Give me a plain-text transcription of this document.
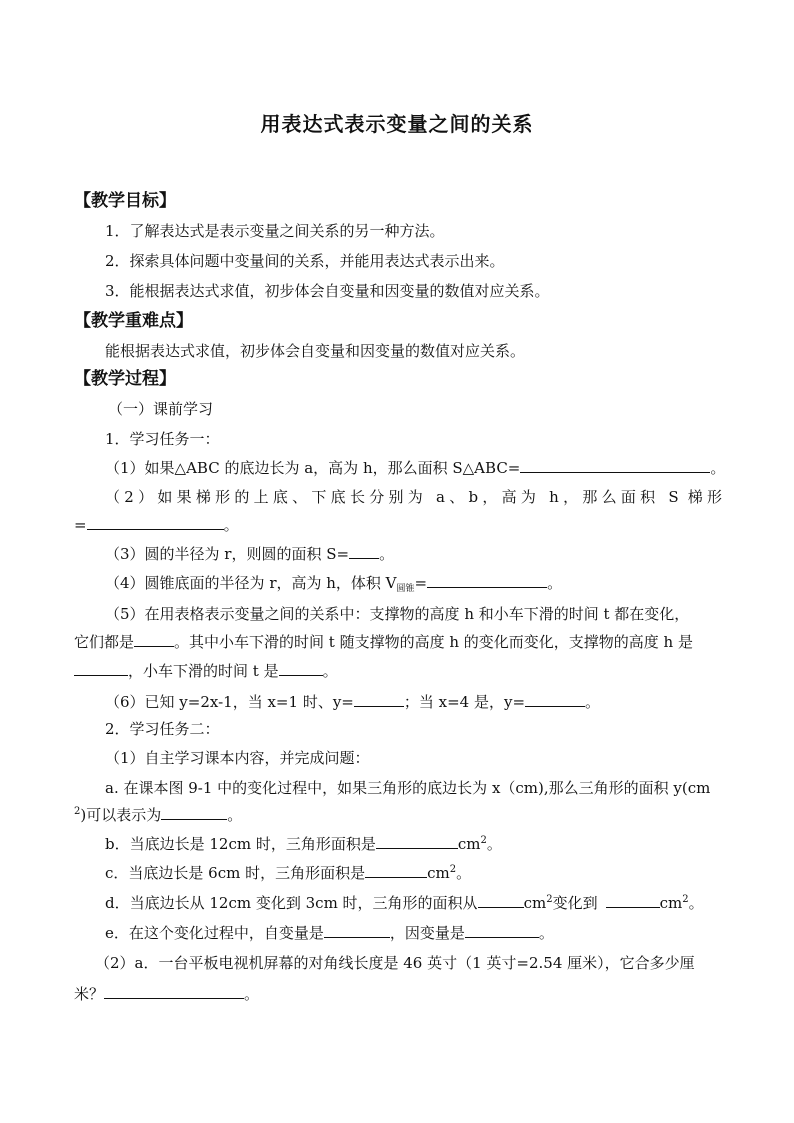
用表达式表示变量之间的关系
【教学目标】
1．了解表达式是表示变量之间关系的另一种方法。
2．探索具体问题中变量间的关系，并能用表达式表示出来。
3．能根据表达式求值，初步体会自变量和因变量的数值对应关系。
【教学重难点】
能根据表达式求值，初步体会自变量和因变量的数值对应关系。
【教学过程】
（一）课前学习
1．学习任务一：
（1）如果△ABC 的底边长为 a，高为 h，那么面积 S△ABC=	。
（2）如果梯形的上底、下底长分别为 a、b，高为 h，那么面积 S 梯形
=	。
（3）圆的半径为 r，则圆的面积 S= 。
（4）圆锥底面的半径为 r，高为 h，体积 $V_{圆锥}=$	。
（5）在用表格表示变量之间的关系中：支撑物的高度 h 和小车下滑的时间 t 都在变化，
它们都是	。其中小车下滑的时间 t 随支撑物的高度 h 的变化而变化，支撑物的高度 h 是
，小车下滑的时间 t 是	。
（6）已知 y=2x-1，当 x=1 时、y=	；当 x=4 是，y=	。
2．学习任务二：
（1）自主学习课本内容，并完成问题：
a. 在课本图 9-1 中的变化过程中，如果三角形的底边长为 x（cm),那么三角形的面积 y(cm
$^2$)可以表示为	。
b．当底边长是 12cm 时，三角形面积是	$cm^2$。
c．当底边长是 6cm 时，三角形面积是	$cm^2$。
d．当底边长从 12cm 变化到 3cm 时，三角形的面积从	$cm^2$变化到	$cm^2$。
e．在这个变化过程中，自变量是	，因变量是	。
（2）a．一台平板电视机屏幕的对角线长度是 46 英寸（1 英寸=2.54 厘米），它合多少厘
米？	。
